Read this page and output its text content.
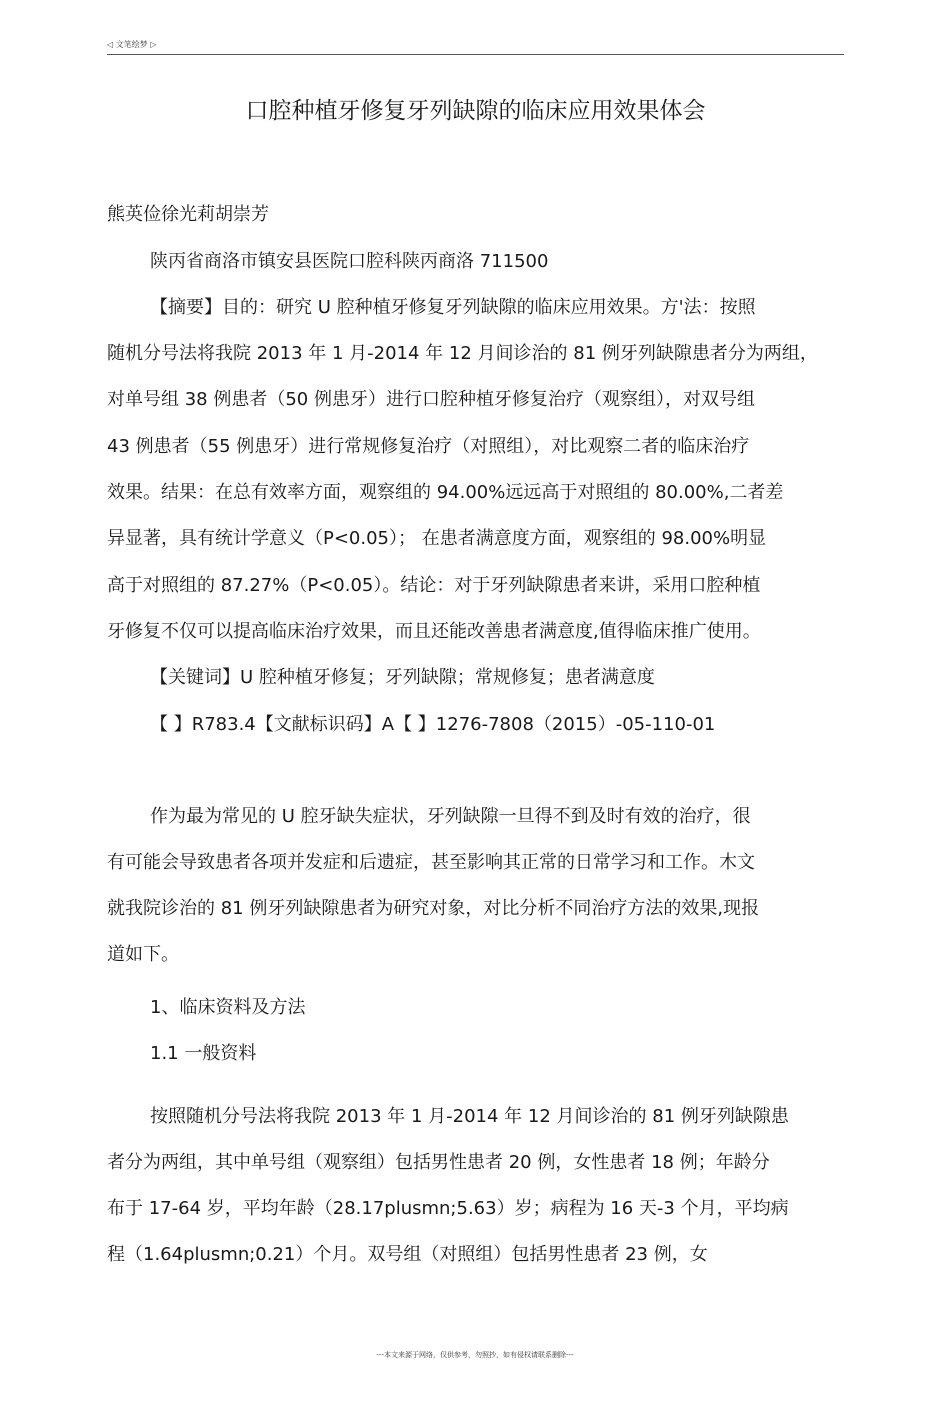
◁ 文笔绘梦 ▷
口腔种植牙修复牙列缺隙的临床应用效果体会
熊英俭徐光莉胡崇芳
陕丙省商洛市镇安县医院口腔科陕丙商洛 711500
【摘要】目的：研究 U 腔种植牙修复牙列缺隙的临床应用效果。方'法：按照
随机分号法将我院 2013 年 1 月-2014 年 12 月间诊治的 81 例牙列缺隙患者分为两组，
对单号组 38 例患者（50 例患牙）进行口腔种植牙修复治疗（观察组），对双号组
43 例患者（55 例患牙）进行常规修复治疗（对照组），对比观察二者的临床治疗
效果。结果：在总有效率方面，观察组的 94.00%远远高于对照组的 80.00%,二者差
异显著，具有统计学意义（P<0.05）； 在患者满意度方面，观察组的 98.00%明显
高于对照组的 87.27%（P<0.05）。结论：对于牙列缺隙患者来讲，采用口腔种植
牙修复不仅可以提高临床治疗效果，而且还能改善患者满意度,值得临床推广使用。
【关键词】U 腔种植牙修复；牙列缺隙；常规修复；患者满意度
【 】R783.4【文献标识码】A【 】1276-7808（2015）-05-110-01
作为最为常见的 U 腔牙缺失症状，牙列缺隙一旦得不到及时有效的治疗，很
有可能会导致患者各项并发症和后遗症，甚至影响其正常的日常学习和工作。木文
就我院诊治的 81 例牙列缺隙患者为研究对象，对比分析不同治疗方法的效果,现报
道如下。
1、临床资料及方法
1.1 一般资料
按照随机分号法将我院 2013 年 1 月-2014 年 12 月间诊治的 81 例牙列缺隙患
者分为两组，其中单号组（观察组）包括男性患者 20 例，女性患者 18 例；年龄分
布于 17-64 岁，平均年龄（28.17plusmn;5.63）岁；病程为 16 天-3 个月，平均病
程（1.64plusmn;0.21）个月。双号组（对照组）包括男性患者 23 例，女
---本文来源于网络，仅供参考，勿照抄，如有侵权请联系删除---
